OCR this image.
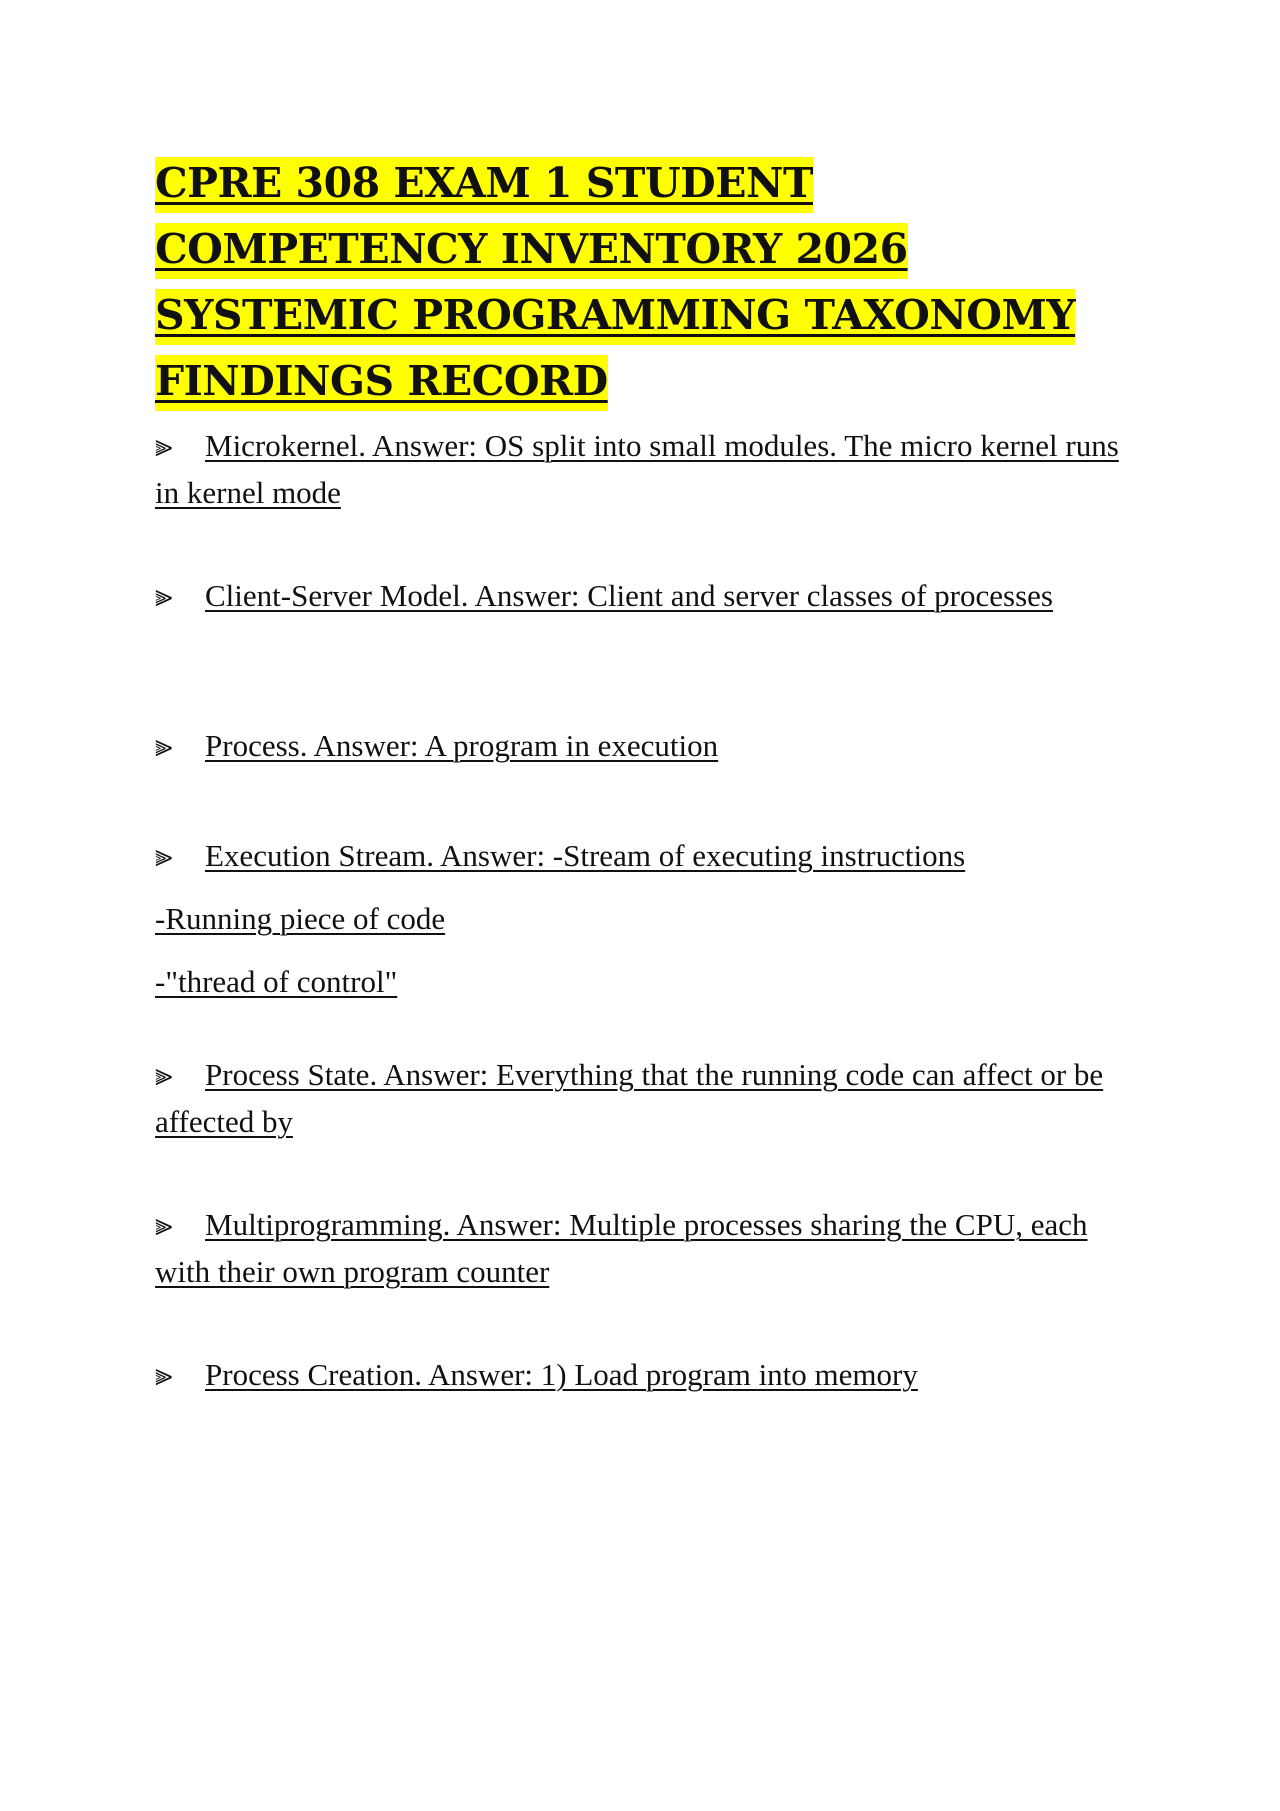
CPRE 308 EXAM 1 STUDENT COMPETENCY INVENTORY 2026 SYSTEMIC PROGRAMMING TAXONOMY FINDINGS RECORD

⫸ Microkernel. Answer: OS split into small modules. The micro kernel runs in kernel mode

⫸ Client-Server Model. Answer: Client and server classes of processes

⫸ Process. Answer: A program in execution

⫸ Execution Stream. Answer: -Stream of executing instructions
-Running piece of code
-"thread of control"

⫸ Process State. Answer: Everything that the running code can affect or be affected by

⫸ Multiprogramming. Answer: Multiple processes sharing the CPU, each with their own program counter

⫸ Process Creation. Answer: 1) Load program into memory
